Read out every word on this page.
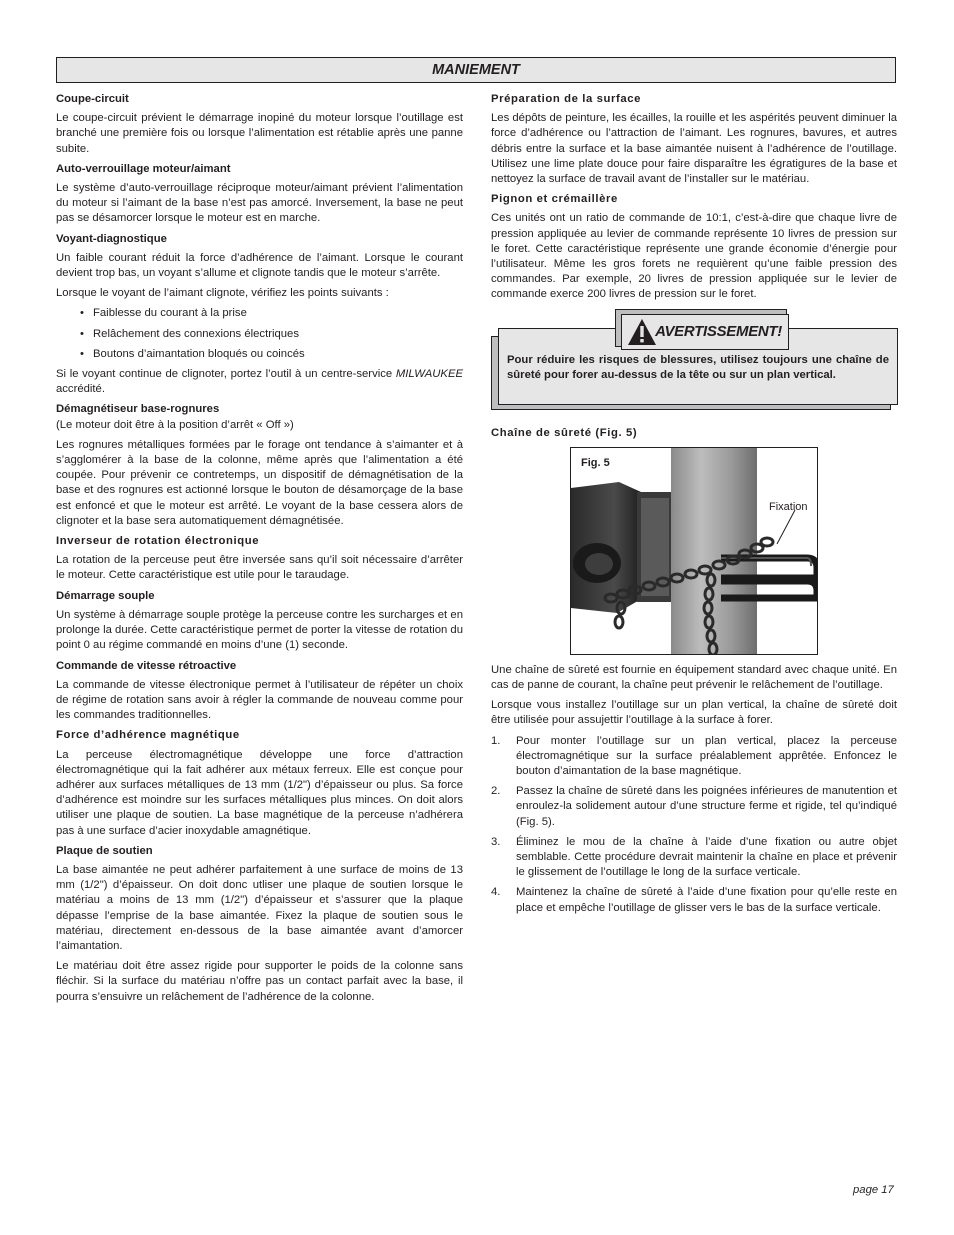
MANIEMENT
Coupe-circuit

Le coupe-circuit prévient le démarrage inopiné du moteur lorsque l’outillage est branché une première fois ou lorsque l’alimentation est rétablie après une panne subite.

Auto-verrouillage moteur/aimant

Le système d’auto-verrouillage réciproque moteur/aimant prévient l’alimentation du moteur si l’aimant de la base n’est pas amorcé. Inversement, la base ne peut pas se désamorcer lorsque le moteur est en marche.

Voyant-diagnostique

Un faible courant réduit la force d’adhérence de l’aimant. Lorsque le courant devient trop bas, un voyant s’allume et clignote tandis que le moteur s’arrête.

Lorsque le voyant de l’aimant clignote, vérifiez les points suivants :

• Faiblesse du courant à la prise
• Relâchement des connexions électriques
• Boutons d’aimantation bloqués ou coincés

Si le voyant continue de clignoter, portez l’outil à un centre-service MILWAUKEE accrédité.

Démagnétiseur base-rognures

(Le moteur doit être à la position d’arrêt « Off »)

Les rognures métalliques formées par le forage ont tendance à s’aimanter et à s’agglomérer à la base de la colonne, même après que l’alimentation a été coupée. Pour prévenir ce contretemps, un dispositif de démagnétisation de la base et des rognures est actionné lorsque le bouton de désamorçage de la base est enfoncé et que le moteur est arrêté. Le voyant de la base cessera alors de clignoter et la base sera automatiquement démagnétisée.

Inverseur de rotation électronique

La rotation de la perceuse peut être inversée sans qu’il soit nécessaire d’arrêter le moteur. Cette caractéristique est utile pour le taraudage.

Démarrage souple

Un système à démarrage souple protège la perceuse contre les surcharges et en prolonge la durée. Cette caractéristique permet de porter la vitesse de rotation du point 0 au régime commandé en moins d’une (1) seconde.

Commande de vitesse rétroactive

La commande de vitesse électronique permet à l’utilisateur de répéter un choix de régime de rotation sans avoir à régler la commande de nouveau comme pour les commandes traditionnelles.

Force d’adhérence magnétique

La perceuse électromagnétique développe une force d’attraction électromagnétique qui la fait adhérer aux métaux ferreux. Elle est conçue pour adhérer aux surfaces métalliques de 13 mm (1/2") d’épaisseur ou plus. Sa force d’adhérence est moindre sur les surfaces métalliques plus minces. On doit alors utiliser une plaque de soutien. La base magnétique de la perceuse n’adhérera pas à une surface d’acier inoxydable amagnétique.

Plaque de soutien

La base aimantée ne peut adhérer parfaitement à une surface de moins de 13 mm (1/2") d’épaisseur. On doit donc utliser une plaque de soutien lorsque le matériau a moins de 13 mm (1/2") d’épaisseur et s’assurer que la plaque dépasse l’emprise de la base aimantée. Fixez la plaque de soutien sous le matériau, directement en-dessous de la base aimantée avant d’amorcer l’aimantation.

Le matériau doit être assez rigide pour supporter le poids de la colonne sans fléchir. Si la surface du matériau n’offre pas un contact parfait avec la base, il pourra s’ensuivre un relâchement de l’adhérence de la colonne.

Préparation de la surface

Les dépôts de peinture, les écailles, la rouille et les aspérités peuvent diminuer la force d’adhérence ou l’attraction de l’aimant. Les rognures, bavures, et autres débris entre la surface et la base aimantée nuisent à l’adhérence de l’outillage. Utilisez une lime plate douce pour faire disparaître les égratigures de la base et nettoyez la surface de travail avant de l’installer sur le matériau.

Pignon et crémaillère

Ces unités ont un ratio de commande de 10:1, c’est-à-dire que chaque livre de pression appliquée au levier de commande représente 10 livres de pression sur le foret. Cette caractéristique représente une grande économie d’énergie pour l’utilisateur. Même les gros forets ne requièrent qu’une faible pression des commandes. Par exemple, 20 livres de pression appliquée sur le levier de commande exerce 200 livres de pression sur le foret.

Pour réduire les risques de blessures, utilisez toujours une chaîne de sûreté pour forer au-dessus de la tête ou sur un plan vertical.
AVERTISSEMENT!
Chaîne de sûreté (Fig. 5)
Fig. 5
Fixation

Une chaîne de sûreté est fournie en équipement standard avec chaque unité. En cas de panne de courant, la chaîne peut prévenir le relâchement de l’outillage.

Lorsque vous installez l’outillage sur un plan vertical, la chaîne de sûreté doit être utilisée pour assujettir l’outillage à la surface à forer.

1. Pour monter l’outillage sur un plan vertical, placez la perceuse électromagnétique sur la surface préalablement apprêtée. Enfoncez le bouton d’aimantation de la base magnétique.
2. Passez la chaîne de sûreté dans les poignées inférieures de manutention et enroulez-la solidement autour d’une structure ferme et rigide, tel qu’indiqué (Fig. 5).
3. Éliminez le mou de la chaîne à l’aide d’une fixation ou autre objet semblable. Cette procédure devrait maintenir la chaîne en place et prévenir le glissement de l’outillage le long de la surface verticale.
4. Maintenez la chaîne de sûreté à l’aide d’une fixation pour qu’elle reste en place et empêche l’outillage de glisser vers le bas de la surface verticale.
page 17
